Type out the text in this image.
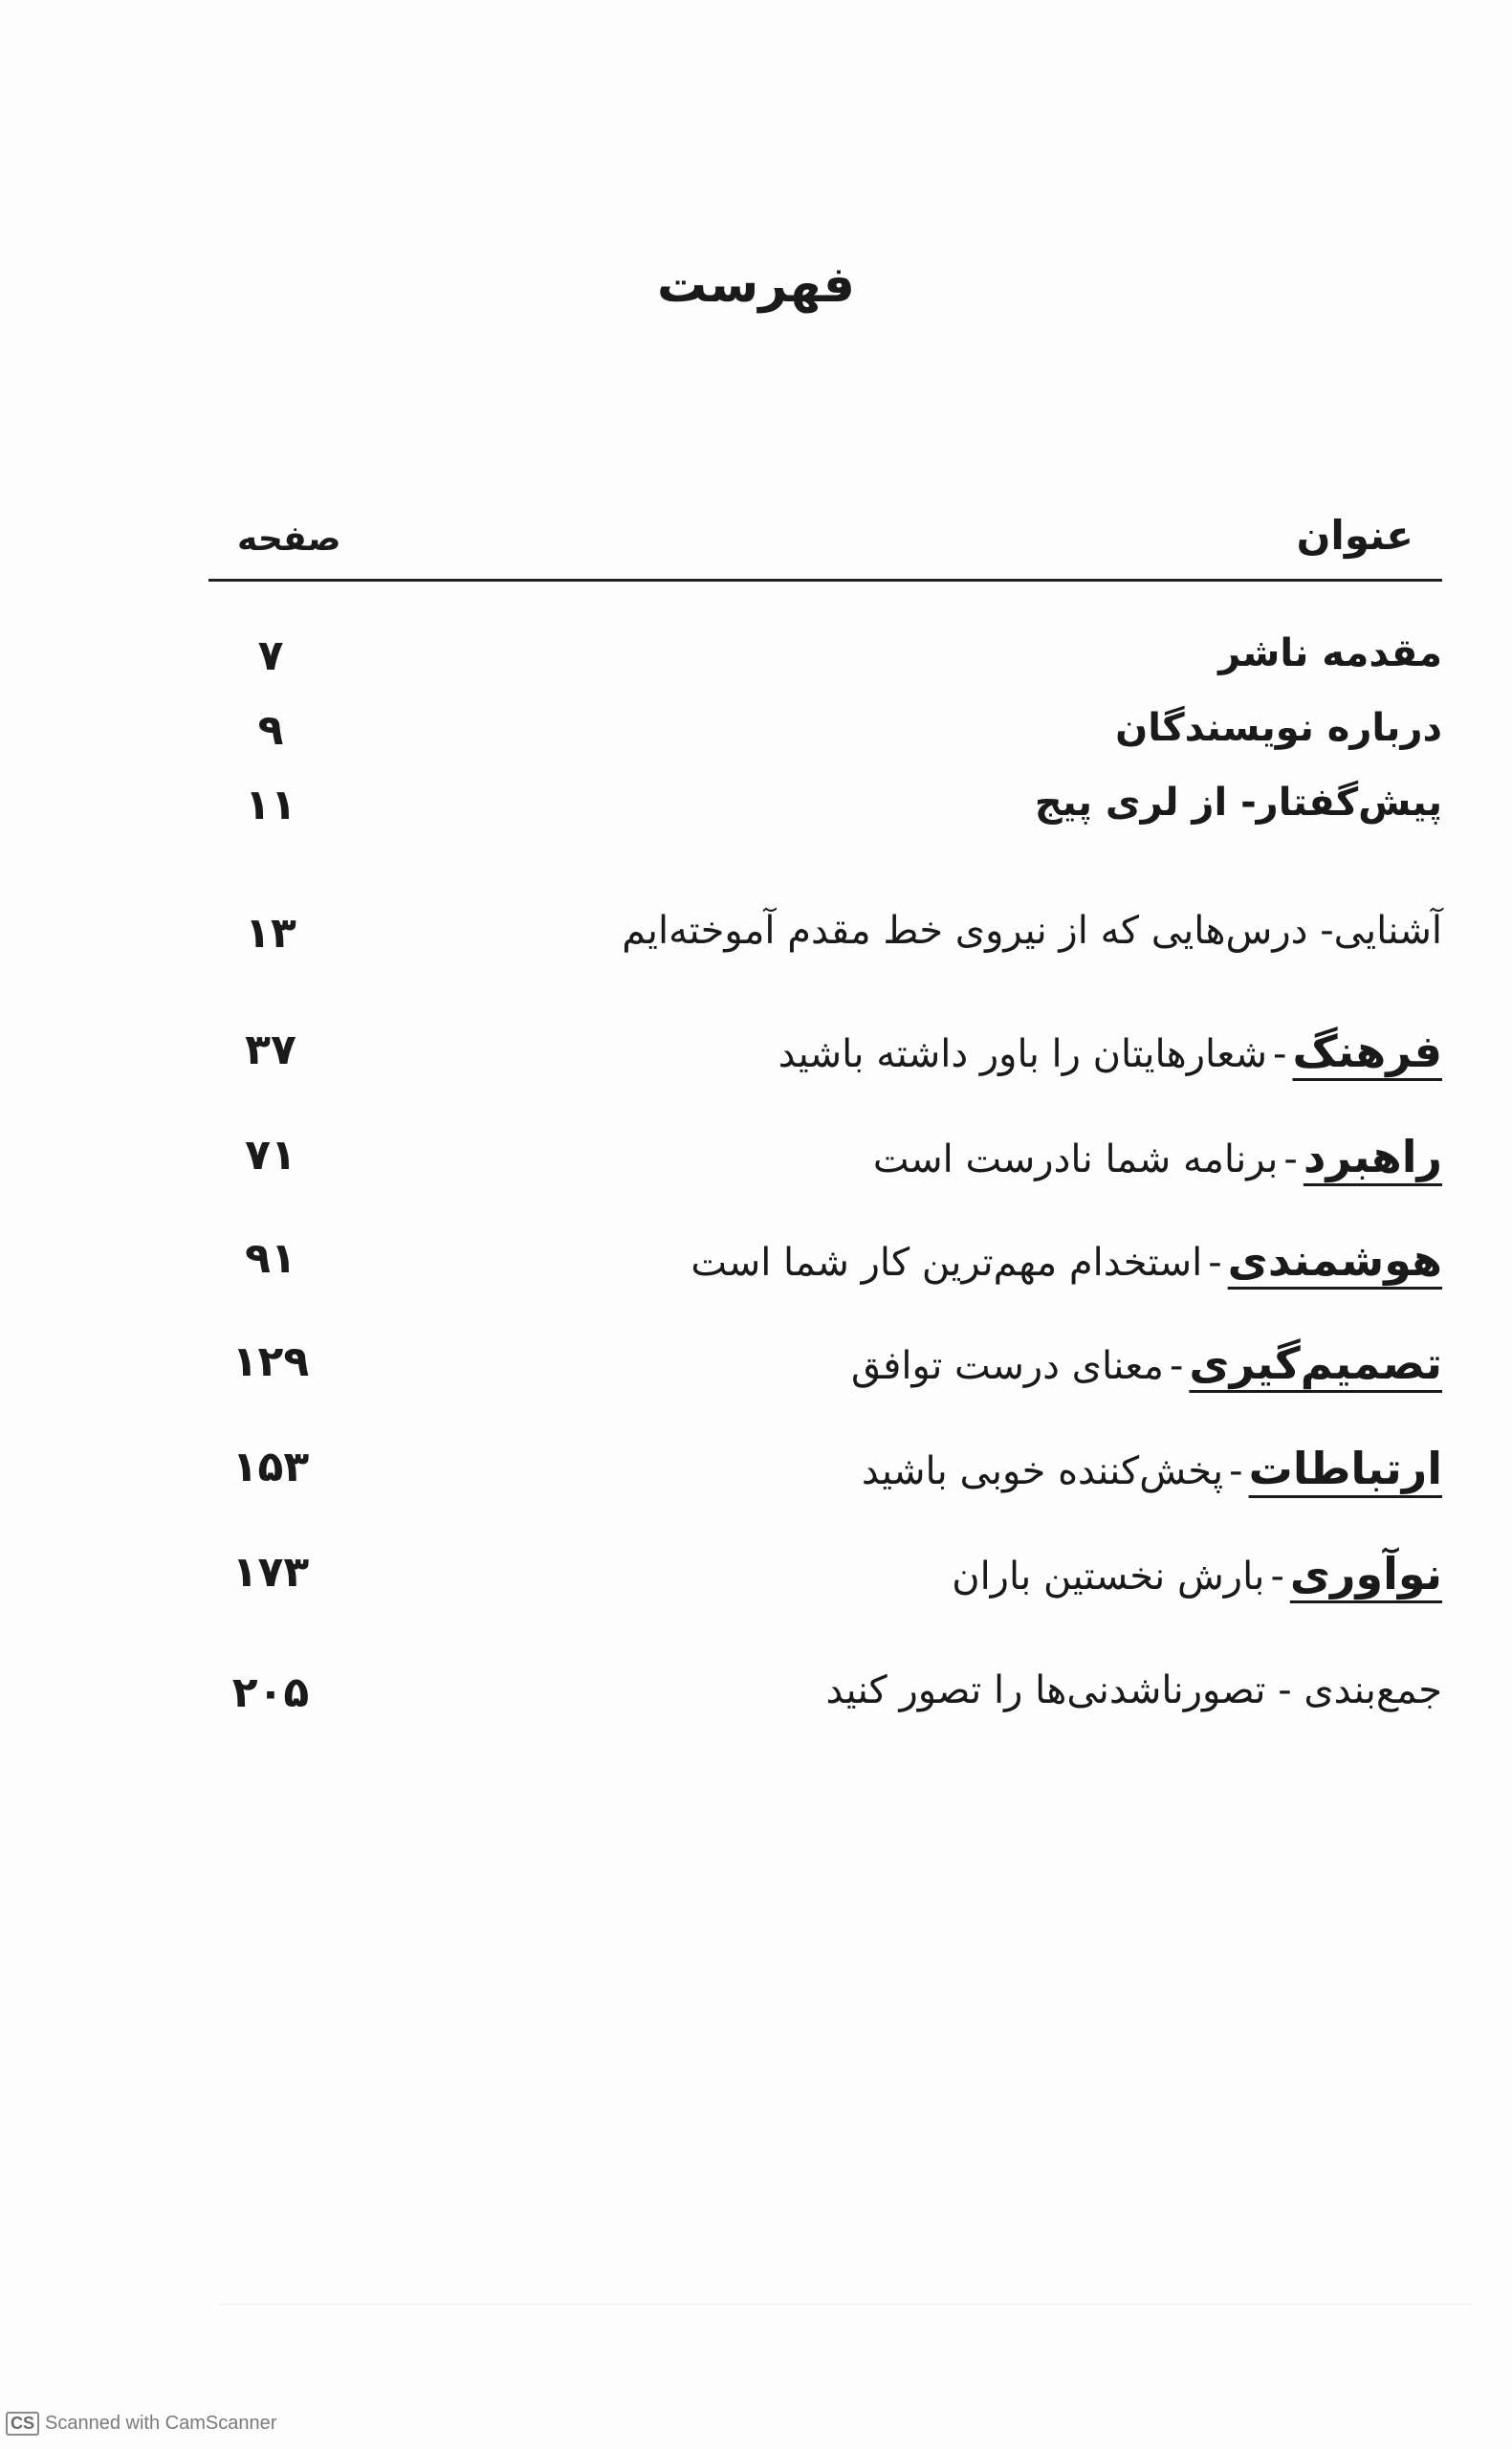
فهرست
عنوان
صفحه
مقدمه ناشر
۷
درباره نویسندگان
۹
پیش‌گفتار- از لری پیج
۱۱
آشنایی- درس‌هایی که از نیروی خط مقدم آموخته‌ایم
۱۳
فرهنگ-شعارهایتان را باور داشته باشید
۳۷
راهبرد-برنامه شما نادرست است
۷۱
هوشمندی-استخدام مهم‌ترین کار شما است
۹۱
تصمیم‌گیری-معنای درست توافق
۱۲۹
ارتباطات-پخش‌کننده خوبی باشید
۱۵۳
نوآوری-بارش نخستین باران
۱۷۳
جمع‌بندی - تصورناشدنی‌ها را تصور کنید
۲۰۵
CS Scanned with CamScanner
